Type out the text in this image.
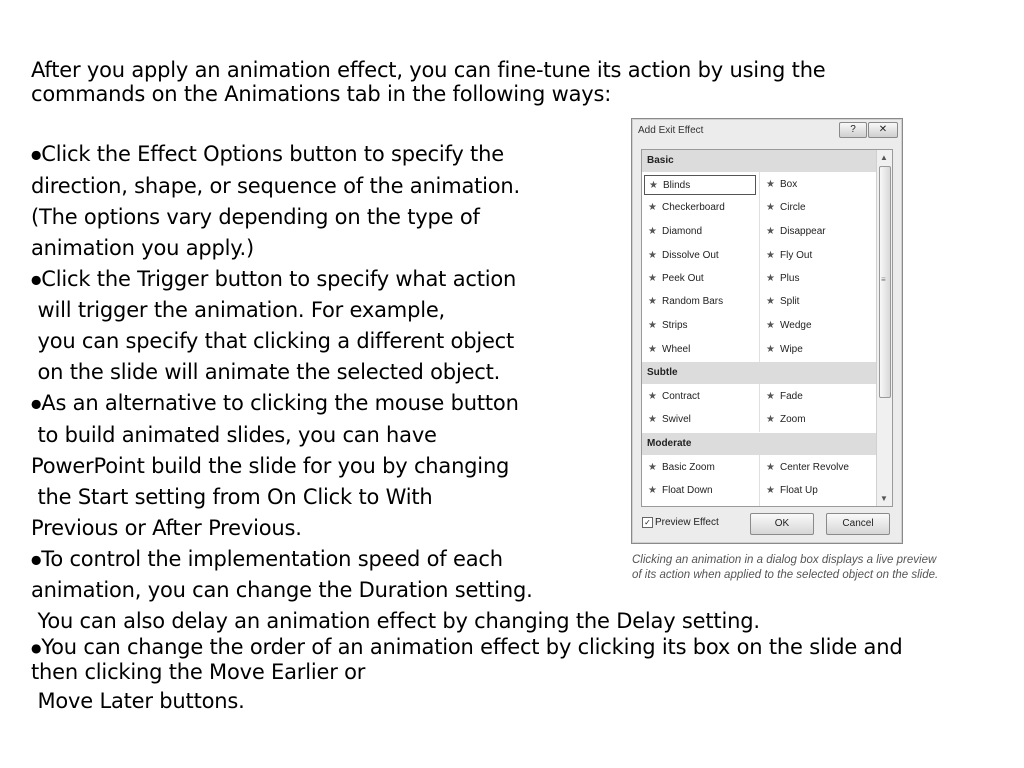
After you apply an animation effect, you can fine-tune its action by using the
commands on the Animations tab in the following ways:
●Click the Effect Options button to specify the
direction, shape, or sequence of the animation.
(The options vary depending on the type of
animation you apply.)
●Click the Trigger button to specify what action
will trigger the animation. For example,
you can specify that clicking a different object
on the slide will animate the selected object.
●As an alternative to clicking the mouse button
to build animated slides, you can have
PowerPoint build the slide for you by changing
the Start setting from On Click to With
Previous or After Previous.
●To control the implementation speed of each
animation, you can change the Duration setting.
You can also delay an animation effect by changing the Delay setting.
●You can change the order of an animation effect by clicking its box on the slide and
then clicking the Move Earlier or
Move Later buttons.
Add Exit Effect	?	✕
Basic
★ Blinds	★ Box
★ Checkerboard	★ Circle
★ Diamond	★ Disappear
★ Dissolve Out	★ Fly Out
★ Peek Out	★ Plus
★ Random Bars	★ Split
★ Strips	★ Wedge
★ Wheel	★ Wipe
Subtle
★ Contract	★ Fade
★ Swivel	★ Zoom
Moderate
★ Basic Zoom	★ Center Revolve
★ Float Down	★ Float Up
▲
≡
▼
✓ Preview Effect	OK	Cancel
Clicking an animation in a dialog box displays a live preview
of its action when applied to the selected object on the slide.
